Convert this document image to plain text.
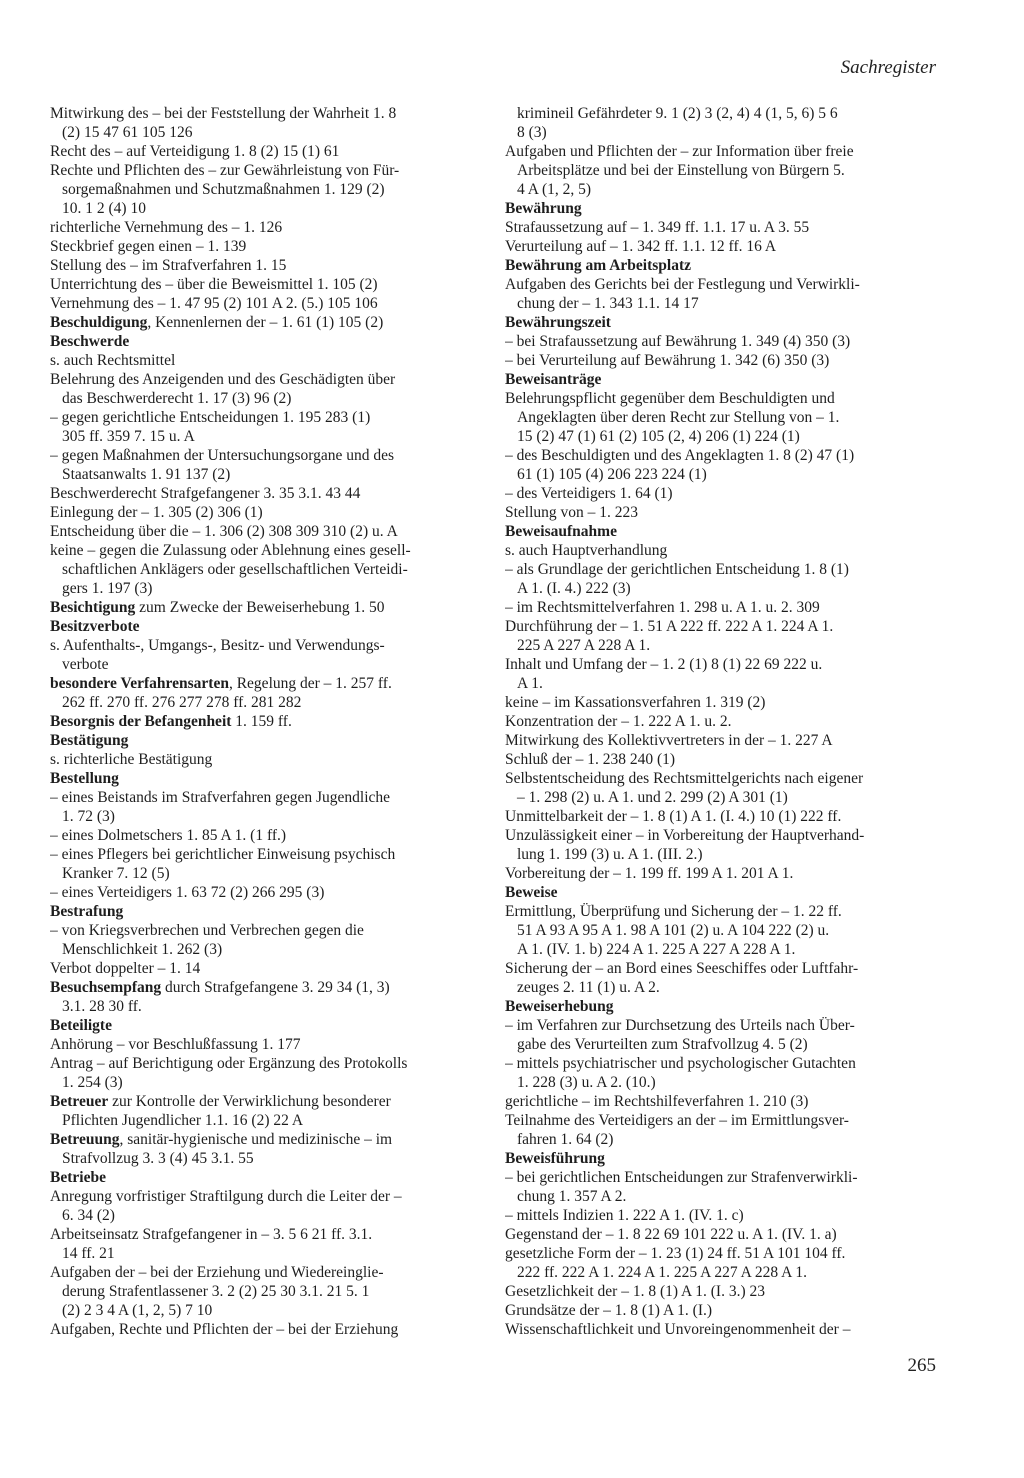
Sachregister
Mitwirkung des – bei der Feststellung der Wahrheit 1. 8
(2) 15 47 61 105 126
Recht des – auf Verteidigung 1. 8 (2) 15 (1) 61
Rechte und Pflichten des – zur Gewährleistung von Für-
sorgemaßnahmen und Schutzmaßnahmen 1. 129 (2)
10. 1 2 (4) 10
richterliche Vernehmung des – 1. 126
Steckbrief gegen einen – 1. 139
Stellung des – im Strafverfahren 1. 15
Unterrichtung des – über die Beweismittel 1. 105 (2)
Vernehmung des – 1. 47 95 (2) 101 A 2. (5.) 105 106
Beschuldigung, Kennenlernen der – 1. 61 (1) 105 (2)
Beschwerde
s. auch Rechtsmittel
Belehrung des Anzeigenden und des Geschädigten über
das Beschwerderecht 1. 17 (3) 96 (2)
– gegen gerichtliche Entscheidungen 1. 195 283 (1)
305 ff. 359 7. 15 u. A
– gegen Maßnahmen der Untersuchungsorgane und des
Staatsanwalts 1. 91 137 (2)
Beschwerderecht Strafgefangener 3. 35 3.1. 43 44
Einlegung der – 1. 305 (2) 306 (1)
Entscheidung über die – 1. 306 (2) 308 309 310 (2) u. A
keine – gegen die Zulassung oder Ablehnung eines gesell-
schaftlichen Anklägers oder gesellschaftlichen Verteidi-
gers 1. 197 (3)
Besichtigung zum Zwecke der Beweiserhebung 1. 50
Besitzverbote
s. Aufenthalts-, Umgangs-, Besitz- und Verwendungs-
verbote
besondere Verfahrensarten, Regelung der – 1. 257 ff.
262 ff. 270 ff. 276 277 278 ff. 281 282
Besorgnis der Befangenheit 1. 159 ff.
Bestätigung
s. richterliche Bestätigung
Bestellung
– eines Beistands im Strafverfahren gegen Jugendliche
1. 72 (3)
– eines Dolmetschers 1. 85 A 1. (1 ff.)
– eines Pflegers bei gerichtlicher Einweisung psychisch
Kranker 7. 12 (5)
– eines Verteidigers 1. 63 72 (2) 266 295 (3)
Bestrafung
– von Kriegsverbrechen und Verbrechen gegen die
Menschlichkeit 1. 262 (3)
Verbot doppelter – 1. 14
Besuchsempfang durch Strafgefangene 3. 29 34 (1, 3)
3.1. 28 30 ff.
Beteiligte
Anhörung – vor Beschlußfassung 1. 177
Antrag – auf Berichtigung oder Ergänzung des Protokolls
1. 254 (3)
Betreuer zur Kontrolle der Verwirklichung besonderer
Pflichten Jugendlicher 1.1. 16 (2) 22 A
Betreuung, sanitär-hygienische und medizinische – im
Strafvollzug 3. 3 (4) 45 3.1. 55
Betriebe
Anregung vorfristiger Straftilgung durch die Leiter der –
6. 34 (2)
Arbeitseinsatz Strafgefangener in – 3. 5 6 21 ff. 3.1.
14 ff. 21
Aufgaben der – bei der Erziehung und Wiedereinglie-
derung Strafentlassener 3. 2 (2) 25 30 3.1. 21 5. 1
(2) 2 3 4 A (1, 2, 5) 7 10
Aufgaben, Rechte und Pflichten der – bei der Erziehung
krimineil Gefährdeter 9. 1 (2) 3 (2, 4) 4 (1, 5, 6) 5 6
8 (3)
Aufgaben und Pflichten der – zur Information über freie
Arbeitsplätze und bei der Einstellung von Bürgern 5.
4 A (1, 2, 5)
Bewährung
Strafaussetzung auf – 1. 349 ff. 1.1. 17 u. A 3. 55
Verurteilung auf – 1. 342 ff. 1.1. 12 ff. 16 A
Bewährung am Arbeitsplatz
Aufgaben des Gerichts bei der Festlegung und Verwirkli-
chung der – 1. 343 1.1. 14 17
Bewährungszeit
– bei Strafaussetzung auf Bewährung 1. 349 (4) 350 (3)
– bei Verurteilung auf Bewährung 1. 342 (6) 350 (3)
Beweisanträge
Belehrungspflicht gegenüber dem Beschuldigten und
Angeklagten über deren Recht zur Stellung von – 1.
15 (2) 47 (1) 61 (2) 105 (2, 4) 206 (1) 224 (1)
– des Beschuldigten und des Angeklagten 1. 8 (2) 47 (1)
61 (1) 105 (4) 206 223 224 (1)
– des Verteidigers 1. 64 (1)
Stellung von – 1. 223
Beweisaufnahme
s. auch Hauptverhandlung
– als Grundlage der gerichtlichen Entscheidung 1. 8 (1)
A 1. (I. 4.) 222 (3)
– im Rechtsmittelverfahren 1. 298 u. A 1. u. 2. 309
Durchführung der – 1. 51 A 222 ff. 222 A 1. 224 A 1.
225 A 227 A 228 A 1.
Inhalt und Umfang der – 1. 2 (1) 8 (1) 22 69 222 u.
A 1.
keine – im Kassationsverfahren 1. 319 (2)
Konzentration der – 1. 222 A 1. u. 2.
Mitwirkung des Kollektivvertreters in der – 1. 227 A
Schluß der – 1. 238 240 (1)
Selbstentscheidung des Rechtsmittelgerichts nach eigener
– 1. 298 (2) u. A 1. und 2. 299 (2) A 301 (1)
Unmittelbarkeit der – 1. 8 (1) A 1. (I. 4.) 10 (1) 222 ff.
Unzulässigkeit einer – in Vorbereitung der Hauptverhand-
lung 1. 199 (3) u. A 1. (III. 2.)
Vorbereitung der – 1. 199 ff. 199 A 1. 201 A 1.
Beweise
Ermittlung, Überprüfung und Sicherung der – 1. 22 ff.
51 A 93 A 95 A 1. 98 A 101 (2) u. A 104 222 (2) u.
A 1. (IV. 1. b) 224 A 1. 225 A 227 A 228 A 1.
Sicherung der – an Bord eines Seeschiffes oder Luftfahr-
zeuges 2. 11 (1) u. A 2.
Beweiserhebung
– im Verfahren zur Durchsetzung des Urteils nach Über-
gabe des Verurteilten zum Strafvollzug 4. 5 (2)
– mittels psychiatrischer und psychologischer Gutachten
1. 228 (3) u. A 2. (10.)
gerichtliche – im Rechtshilfeverfahren 1. 210 (3)
Teilnahme des Verteidigers an der – im Ermittlungsver-
fahren 1. 64 (2)
Beweisführung
– bei gerichtlichen Entscheidungen zur Strafenverwirkli-
chung 1. 357 A 2.
– mittels Indizien 1. 222 A 1. (IV. 1. c)
Gegenstand der – 1. 8 22 69 101 222 u. A 1. (IV. 1. a)
gesetzliche Form der – 1. 23 (1) 24 ff. 51 A 101 104 ff.
222 ff. 222 A 1. 224 A 1. 225 A 227 A 228 A 1.
Gesetzlichkeit der – 1. 8 (1) A 1. (I. 3.) 23
Grundsätze der – 1. 8 (1) A 1. (I.)
Wissenschaftlichkeit und Unvoreingenommenheit der –
265
